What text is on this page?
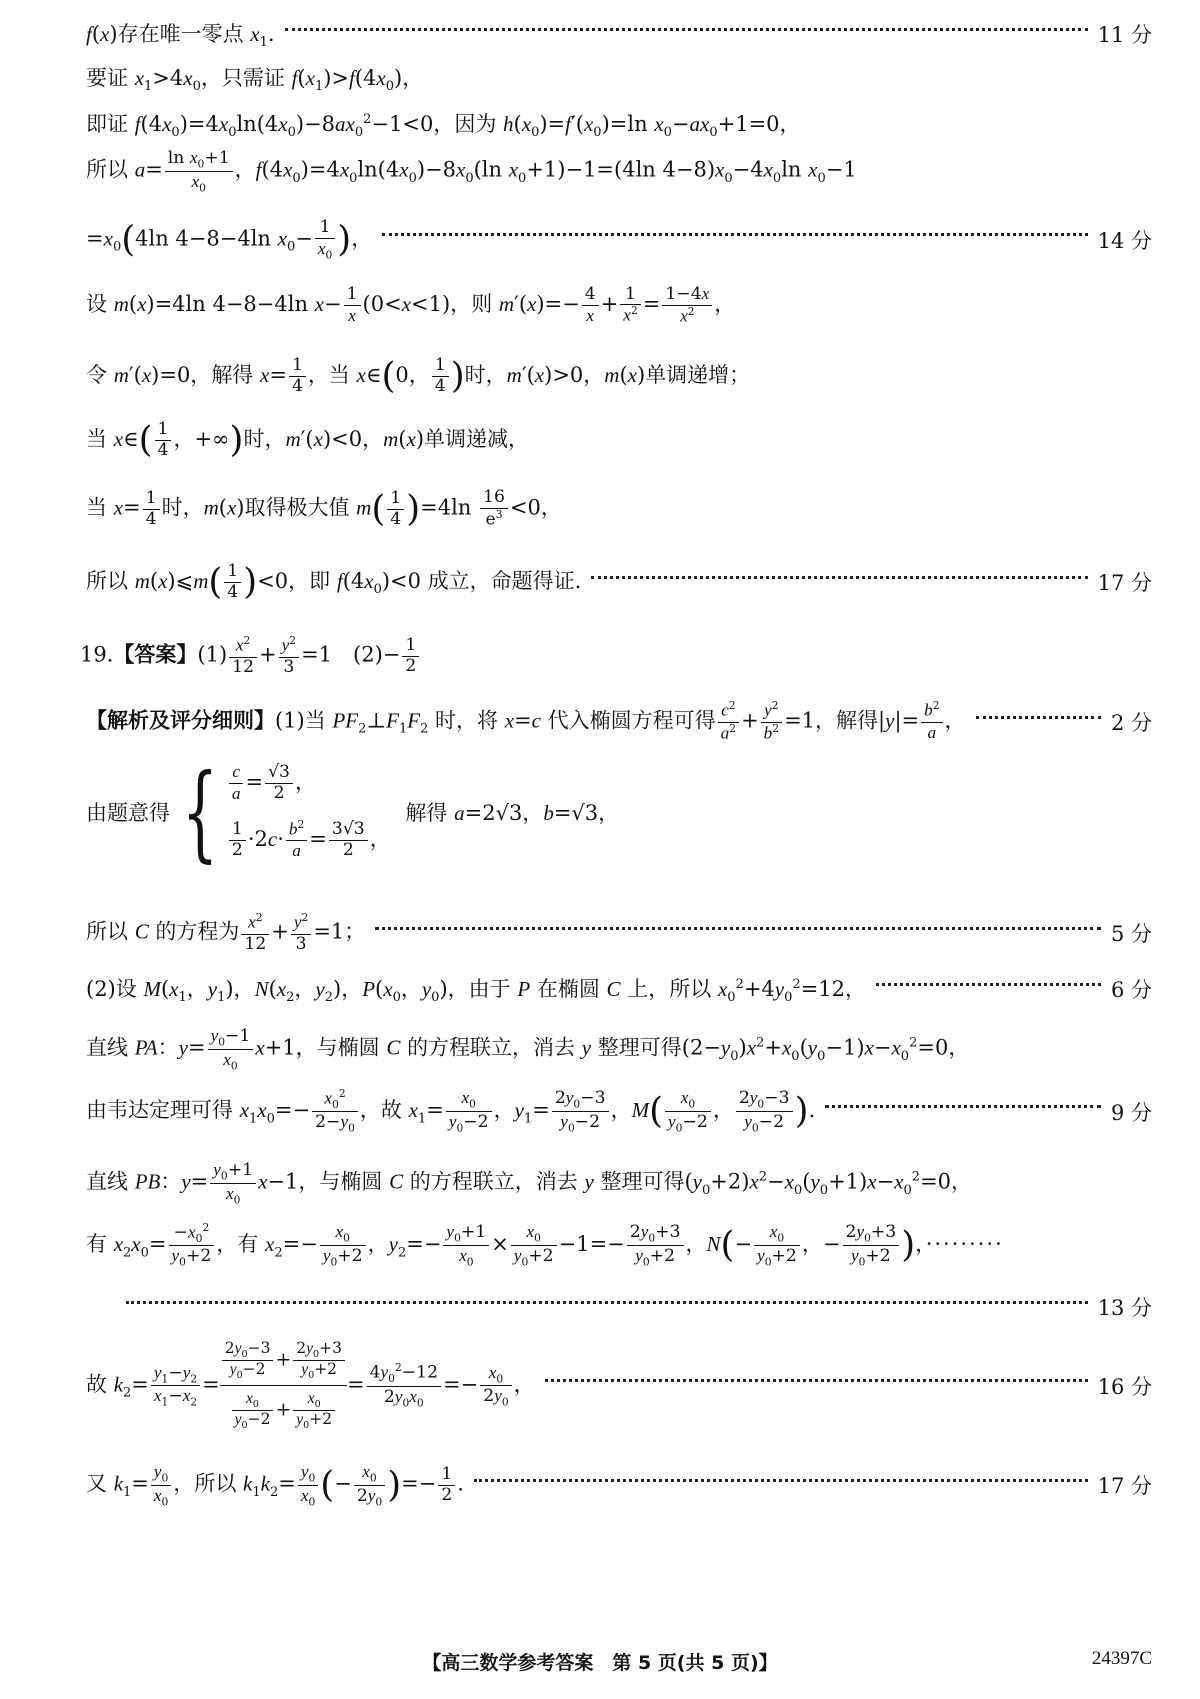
f(x)存在唯一零点 $x_1$.	11 分
要证 $x_1>4x_0$，只需证 $f(x_1)>f(4x_0)$，
即证 $f(4x_0)=4x_0\ln(4x_0)-8ax_0^2-1<0$，因为 $h(x_0)=f'(x_0)=\ln$ $x_0-ax_0+1=0$，
所以 $a= \frac{\ln x_0+1}{x_0}$ ，$f(4x_0)=4x_0\ln(4x_0)-8x_0(\ln$ $x_0+1)-1=(4\ln$ $4-8)x_0-4x_0\ln$ $x_0-1$
$=x_0(4\ln$ 4−8−4ln $x_0- \frac{1}{x_0}$ )，	14 分
设 m(x)=4ln 4−8−4ln $x- \frac{1}{x} (0<x<1)$，则 $m'(x)=- \frac{4}{x} + \frac{1}{x^2} = \frac{1-4x}{x^2}$ ，
令 m′(x)=0，解得 $x= \frac{1}{4}$ ，当 x∈(0， $\frac{1}{4}$ )时，m′(x)>0，m(x)单调递增；
当 x∈( $\frac{1}{4}$ ，+∞)时，m′(x)<0，m(x)单调递减，
当 $x= \frac{1}{4}$ 时，m(x)取得极大值 $m( \frac{1}{4} )=4\ln \frac{16}{e^3} <0$，
所以 m(x)⩽m( $\frac{1}{4} )<0$，即 $f(4x_0)<0$ 成立，命题得证.	17 分
19.【答案】$(1) \frac{x^2}{12} + \frac{y^2}{3} =1$　$(2)- \frac{1}{2}$
【解析及评分细则】(1)当 $PF_2\perp F_1F_2$ 时，将 x=c 代入椭圆方程可得 $\frac{c^2}{a^2} + \frac{y^2}{b^2} =1$，解得$|y|= \frac{b^2}{a}$ ，	2 分
由题意得 { $\frac{c}{a} = \frac{√3}{2}$ ，
$\frac{1}{2} \cdot 2c\cdot \frac{b^2}{a} = \frac{3√3}{2}$ ，
解得 a=2√3，b=√3，
所以 C 的方程为 $\frac{x^2}{12} + \frac{y^2}{3} =1$；	5 分
(2)设 $M(x_1$，$y_1$)，$N(x_2$，$y_2$)，$P(x_0$，$y_0$)，由于 P 在椭圆 C 上，所以 $x_0^2+4y_0^2=12$，	6 分
直线 PA：$y= \frac{y_0-1}{x_0} x+1$，与椭圆 C 的方程联立，消去 y 整理可得$(2-y_0)x^2+x_0(y_0-1)x-x_0^2=0$，
由韦达定理可得 $x_1x_0=- \frac{x_0^2}{2-y_0}$ ，故 $x_1= \frac{x_0}{y_0-2}$ ，$y_1= \frac{2y_0-3}{y_0-2}$ ，$M( \frac{x_0}{y_0-2}$ ， $\frac{2y_0-3}{y_0-2}$ ).	9 分
直线 PB：$y= \frac{y_0+1}{x_0} x-1$，与椭圆 C 的方程联立，消去 y 整理可得$(y_0+2)x^2-x_0(y_0+1)x-x_0^2=0$，
有 $x_2x_0= \frac{-x_0^2}{y_0+2}$ ，有 $x_2=- \frac{x_0}{y_0+2}$ ，$y_2=- \frac{y_0+1}{x_0} \times \frac{x_0}{y_0+2} -1=- \frac{2y_0+3}{y_0+2}$ ，$N(- \frac{x_0}{y_0+2}$ ，− $\frac{2y_0+3}{y_0+2}$ )，·········
13 分
故 $k_2= \frac{y_1-y_2}{x_1-x_2} = \frac{\frac{2y_0-3}{y_0-2} + \frac{2y_0+3}{y_0+2}}{\frac{x_0}{y_0-2} + \frac{x_0}{y_0+2}} = \frac{4y_0^2-12}{2y_0x_0} =- \frac{x_0}{2y_0}$ ，	16 分
又 $k_1= \frac{y_0}{x_0}$ ，所以 $k_1k_2= \frac{y_0}{x_0}$ (− $\frac{x_0}{2y_0}$ )=− $\frac{1}{2}$ .	17 分
【高三数学参考答案　第 5 页(共 5 页)】	24397C
